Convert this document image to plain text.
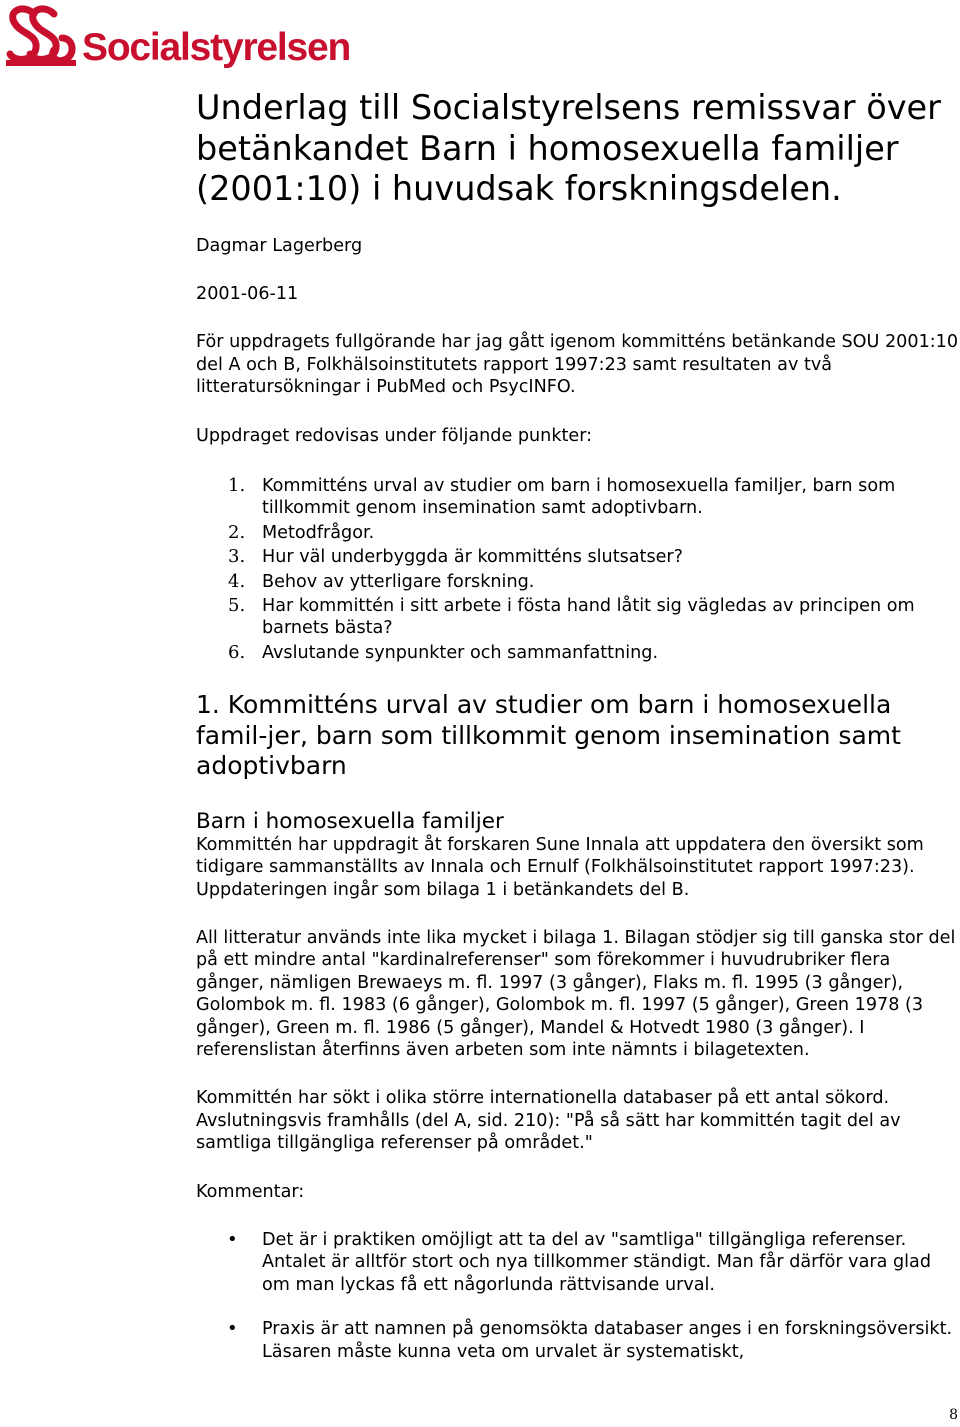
Socialstyrelsen
Underlag till Socialstyrelsens remissvar över betänkandet Barn i homosexuella familjer (2001:10) i huvudsak forskningsdelen.

Dagmar Lagerberg

2001-06-11

För uppdragets fullgörande har jag gått igenom kommitténs betänkande SOU 2001:10 del A och B, Folkhälsoinstitutets rapport 1997:23 samt resultaten av två litteratursökningar i PubMed och PsycINFO.

Uppdraget redovisas under följande punkter:

1. Kommitténs urval av studier om barn i homosexuella familjer, barn som tillkommit genom insemination samt adoptivbarn.
2. Metodfrågor.
3. Hur väl underbyggda är kommitténs slutsatser?
4. Behov av ytterligare forskning.
5. Har kommittén i sitt arbete i fösta hand låtit sig vägledas av principen om barnets bästa?
6. Avslutande synpunkter och sammanfattning.
1. Kommitténs urval av studier om barn i homosexuella famil-jer, barn som tillkommit genom insemination samt adoptivbarn
Barn i homosexuella familjer

Kommittén har uppdragit åt forskaren Sune Innala att uppdatera den översikt som tidigare sammanställts av Innala och Ernulf (Folkhälsoinstitutet rapport 1997:23). Uppdateringen ingår som bilaga 1 i betänkandets del B.

All litteratur används inte lika mycket i bilaga 1. Bilagan stödjer sig till ganska stor del på ett mindre antal "kardinalreferenser" som förekommer i huvudrubriker flera gånger, nämligen Brewaeys m. fl. 1997 (3 gånger), Flaks m. fl. 1995 (3 gånger), Golombok m. fl. 1983 (6 gånger), Golombok m. fl. 1997 (5 gånger), Green 1978 (3 gånger), Green m. fl. 1986 (5 gånger), Mandel & Hotvedt 1980 (3 gånger). I referenslistan återfinns även arbeten som inte nämnts i bilagetexten.

Kommittén har sökt i olika större internationella databaser på ett antal sökord. Avslutningsvis framhålls (del A, sid. 210): "På så sätt har kommittén tagit del av samtliga tillgängliga referenser på området."

Kommentar:

• Det är i praktiken omöjligt att ta del av "samtliga" tillgängliga referenser. Antalet är alltför stort och nya tillkommer ständigt. Man får därför vara glad om man lyckas få ett någorlunda rättvisande urval.
• Praxis är att namnen på genomsökta databaser anges i en forskningsöversikt. Läsaren måste kunna veta om urvalet är systematiskt,
8
